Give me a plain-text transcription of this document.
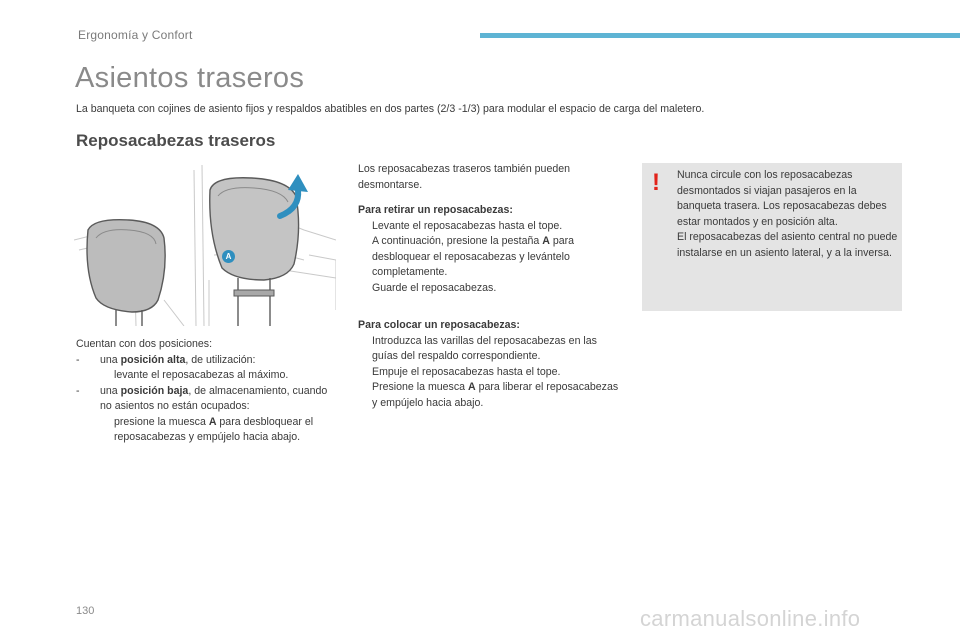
Ergonomía y Confort
Asientos traseros
La banqueta con cojines de asiento fijos y respaldos abatibles en dos partes (2/3 -1/3) para modular el espacio de carga del maletero.
Reposacabezas traseros
A

Cuentan con dos posiciones:

- una posición alta, de utilización:

levante el reposacabezas al máximo.

- una posición baja, de almacenamiento, cuando no asientos no están ocupados:

presione la muesca A para desbloquear el reposacabezas y empújelo hacia abajo.

Los reposacabezas traseros también pueden desmontarse.

Para retirar un reposacabezas:

Levante el reposacabezas hasta el tope.

A continuación, presione la pestaña A para desbloquear el reposacabezas y levántelo completamente.

Guarde el reposacabezas.

Para colocar un reposacabezas:

Introduzca las varillas del reposacabezas en las guías del respaldo correspondiente.

Empuje el reposacabezas hasta el tope.

Presione la muesca A para liberar el reposacabezas y empújelo hacia abajo.

! Nunca circule con los reposacabezas desmontados si viajan pasajeros en la banqueta trasera. Los reposacabezas debes estar montados y en posición alta.
El reposacabezas del asiento central no puede instalarse en un asiento lateral, y a la inversa.
130	carmanualsonline.info
